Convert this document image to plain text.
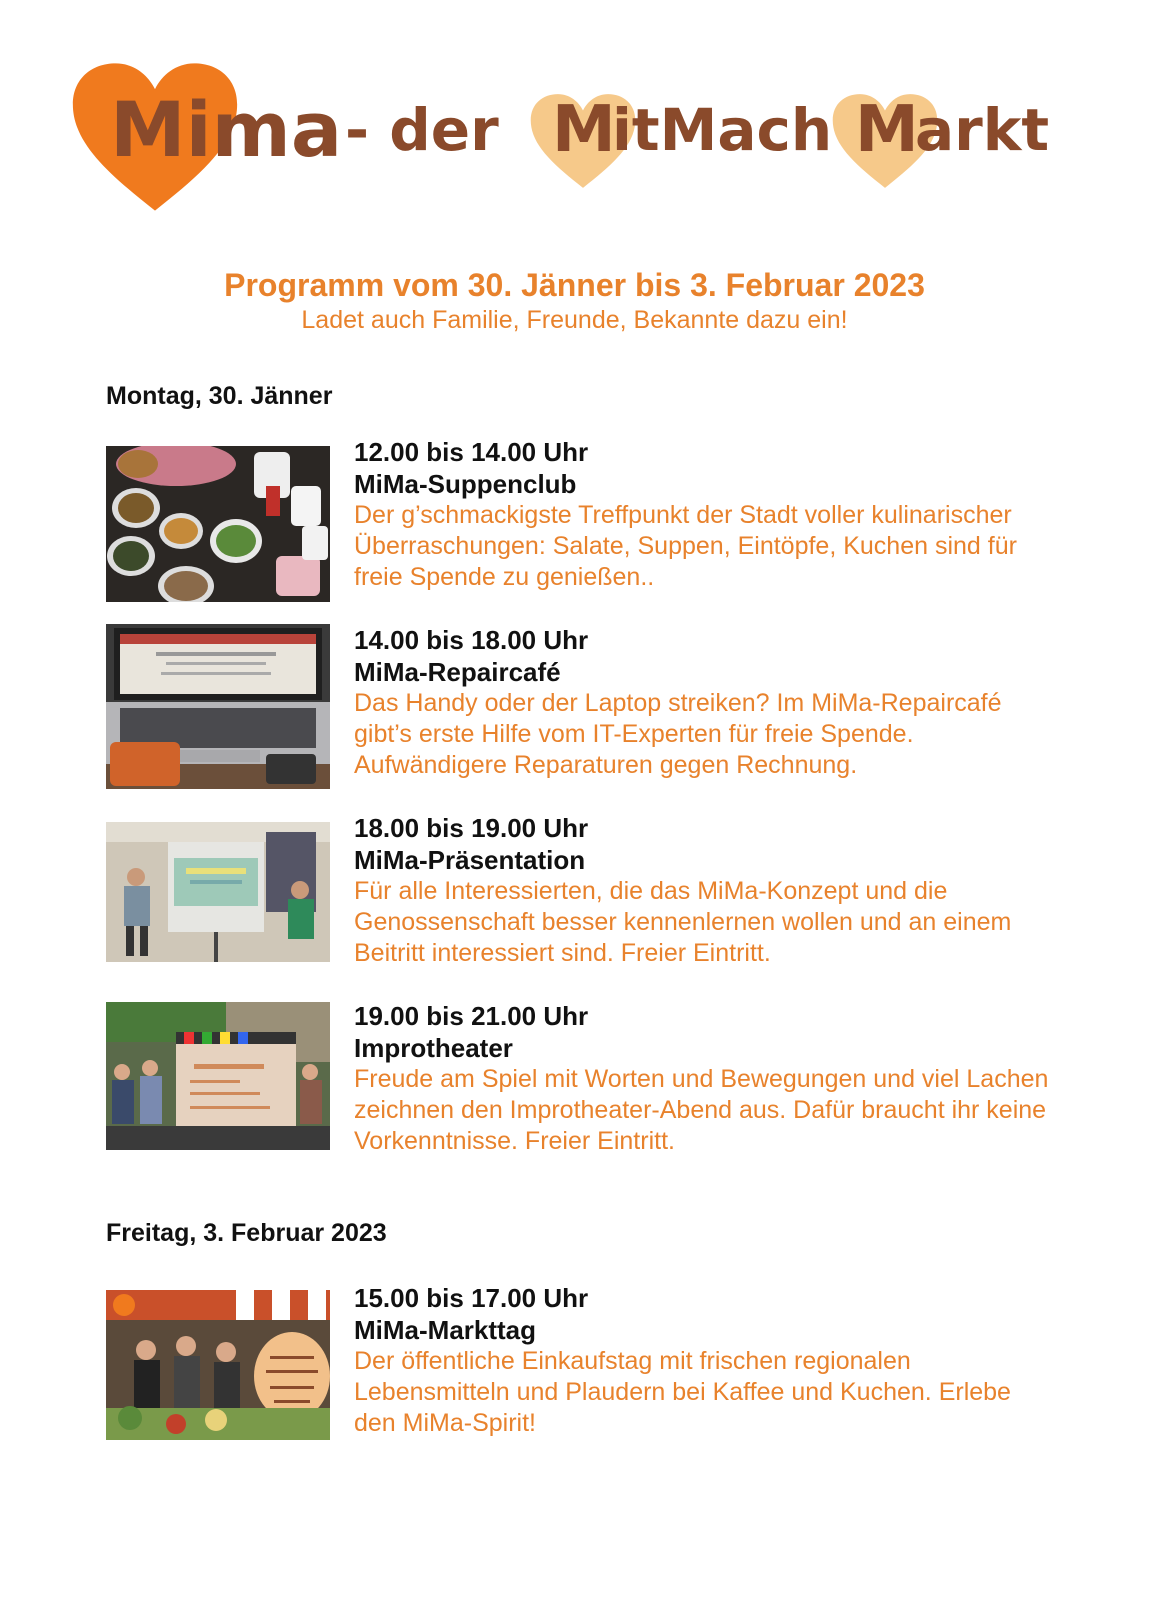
Mima - der M
itMach M
arkt
Programm vom 30. Jänner bis 3. Februar 2023
Ladet auch Familie, Freunde, Bekannte dazu ein!
Montag, 30. Jänner
12.00 bis 14.00 Uhr
MiMa-Suppenclub

Der g’schmackigste Treffpunkt der Stadt voller kulinarischer Überraschungen: Salate, Suppen, Eintöpfe, Kuchen sind für freie Spende zu genießen..

14.00 bis 18.00 Uhr
MiMa-Repaircafé

Das Handy oder der Laptop streiken? Im MiMa-Repaircafé gibt’s erste Hilfe vom IT-Experten für freie Spende. Aufwändigere Reparaturen gegen Rechnung.

18.00 bis 19.00 Uhr
MiMa-Präsentation

Für alle Interessierten, die das MiMa-Konzept und die Genossenschaft besser kennenlernen wollen und an einem Beitritt interessiert sind. Freier Eintritt.

19.00 bis 21.00 Uhr
Improtheater

Freude am Spiel mit Worten und Bewegungen und viel Lachen zeichnen den Improtheater-Abend aus. Dafür braucht ihr keine Vorkenntnisse. Freier Eintritt.

Freitag, 3. Februar 2023
15.00 bis 17.00 Uhr
MiMa-Markttag

Der öffentliche Einkaufstag mit frischen regionalen Lebensmitteln und Plaudern bei Kaffee und Kuchen. Erlebe den MiMa-Spirit!
